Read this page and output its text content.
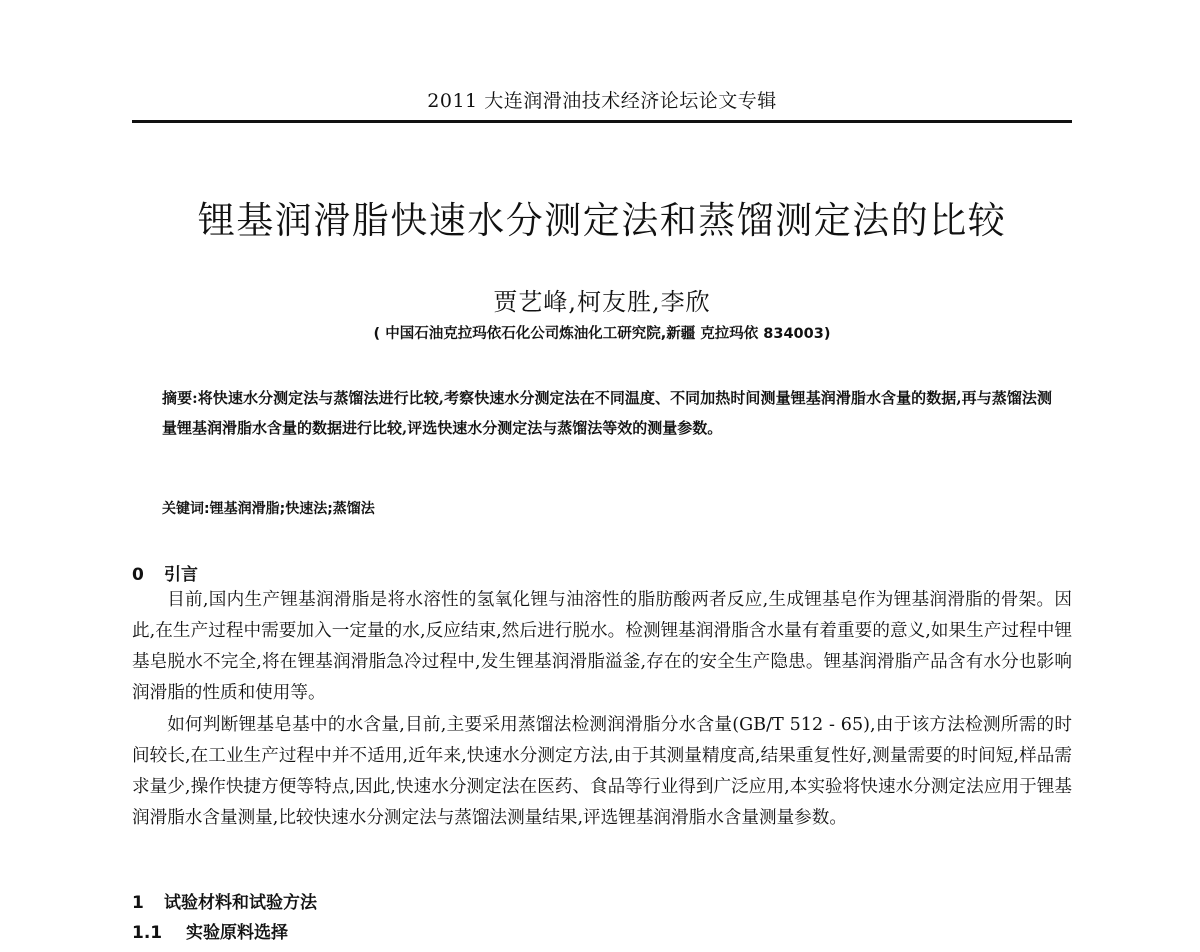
2011 大连润滑油技术经济论坛论文专辑
锂基润滑脂快速水分测定法和蒸馏测定法的比较
贾艺峰,柯友胜,李欣
( 中国石油克拉玛依石化公司炼油化工研究院,新疆 克拉玛依 834003)

摘要:将快速水分测定法与蒸馏法进行比较,考察快速水分测定法在不同温度、不同加热时间测量锂基润滑脂水含量的数据,再与蒸馏法测量锂基润滑脂水含量的数据进行比较,评选快速水分测定法与蒸馏法等效的测量参数。

关键词:锂基润滑脂;快速法;蒸馏法
0 引言

目前,国内生产锂基润滑脂是将水溶性的氢氧化锂与油溶性的脂肪酸两者反应,生成锂基皂作为锂基润滑脂的骨架。因此,在生产过程中需要加入一定量的水,反应结束,然后进行脱水。检测锂基润滑脂含水量有着重要的意义,如果生产过程中锂基皂脱水不完全,将在锂基润滑脂急冷过程中,发生锂基润滑脂溢釜,存在的安全生产隐患。锂基润滑脂产品含有水分也影响润滑脂的性质和使用等。

如何判断锂基皂基中的水含量,目前,主要采用蒸馏法检测润滑脂分水含量(GB/T 512 - 65),由于该方法检测所需的时间较长,在工业生产过程中并不适用,近年来,快速水分测定方法,由于其测量精度高,结果重复性好,测量需要的时间短,样品需求量少,操作快捷方便等特点,因此,快速水分测定法在医药、食品等行业得到广泛应用,本实验将快速水分测定法应用于锂基润滑脂水含量测量,比较快速水分测定法与蒸馏法测量结果,评选锂基润滑脂水含量测量参数。

1 试验材料和试验方法
1.1 实验原料选择
